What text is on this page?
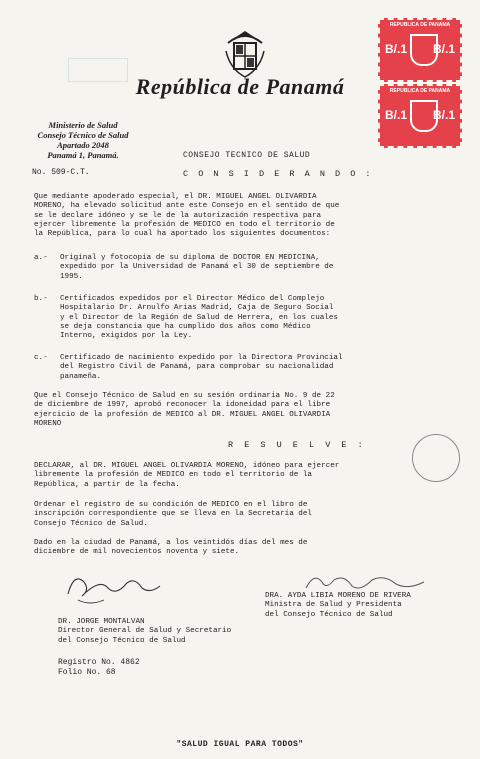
República de Panamá
REPUBLICA DE PANAMA
B/.1 B/.1
REPUBLICA DE PANAMA
B/.1 B/.1
Ministerio de Salud
Consejo Técnico de Salud
Apartado 2048
Panamá 1, Panamá.
No. 509-C.T.
CONSEJO TECNICO DE SALUD
C O N S I D E R A N D O :
Que mediante apoderado especial, el DR. MIGUEL ANGEL OLIVARDIA
MORENO, ha elevado solicitud ante este Consejo en el sentido de que
se le declare idóneo y se le de la autorización respectiva para
ejercer libremente la profesión de MEDICO en todo el territorio de
la República, para lo cual ha aportado los siguientes documentos:
a.- Original y fotocopia de su diploma de DOCTOR EN MEDICINA,
expedido por la Universidad de Panamá el 30 de septiembre de
1995.
b.- Certificados expedidos por el Director Médico del Complejo
Hospitalario Dr. Arnulfo Arias Madrid, Caja de Seguro Social
y el Director de la Región de Salud de Herrera, en los cuales
se deja constancia que ha cumplido dos años como Médico
Interno, exigidos por la Ley.
c.- Certificado de nacimiento expedido por la Directora Provincial
del Registro Civil de Panamá, para comprobar su nacionalidad
panameña.
Que el Consejo Técnico de Salud en su sesión ordinaria No. 9 de 22
de diciembre de 1997, aprobó reconocer la idoneidad para el libre
ejercicio de la profesión de MEDICO al DR. MIGUEL ANGEL OLIVARDIA
MORENO
R E S U E L V E :
DECLARAR, al DR. MIGUEL ANGEL OLIVARDIA MORENO, idóneo para ejercer
libremente la profesión de MEDICO en todo el territorio de la
República, a partir de la fecha.
Ordenar el registro de su condición de MEDICO en el libro de
inscripción correspondiente que se lleva en la Secretaría del
Consejo Técnico de Salud.
Dado en la ciudad de Panamá, a los veintidós días del mes de
diciembre de mil novecientos noventa y siete.
DRA. AYDA LIBIA MORENO DE RIVERA
Ministra de Salud y Presidenta
del Consejo Técnico de Salud
DR. JORGE MONTALVAN
Director General de Salud y Secretario
del Consejo Técnico de Salud
Registro No. 4862
Folio No. 68
"SALUD IGUAL PARA TODOS"
